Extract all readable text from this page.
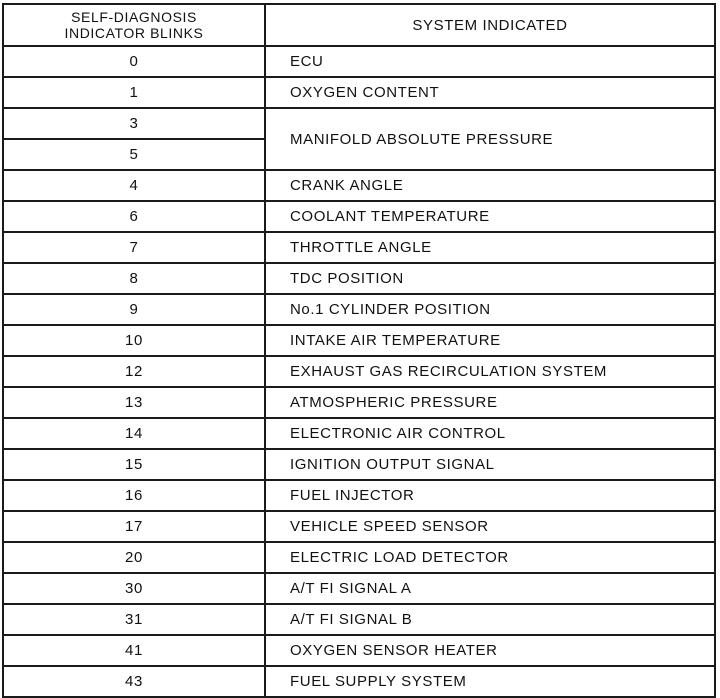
SELF-DIAGNOSIS
INDICATOR BLINKS	SYSTEM INDICATED
0	ECU
1	OXYGEN CONTENT
3	MANIFOLD ABSOLUTE PRESSURE
5	
4	CRANK ANGLE
6	COOLANT TEMPERATURE
7	THROTTLE ANGLE
8	TDC POSITION
9	No.1 CYLINDER POSITION
10	INTAKE AIR TEMPERATURE
12	EXHAUST GAS RECIRCULATION SYSTEM
13	ATMOSPHERIC PRESSURE
14	ELECTRONIC AIR CONTROL
15	IGNITION OUTPUT SIGNAL
16	FUEL INJECTOR
17	VEHICLE SPEED SENSOR
20	ELECTRIC LOAD DETECTOR
30	A/T FI SIGNAL A
31	A/T FI SIGNAL B
41	OXYGEN SENSOR HEATER
43	FUEL SUPPLY SYSTEM
